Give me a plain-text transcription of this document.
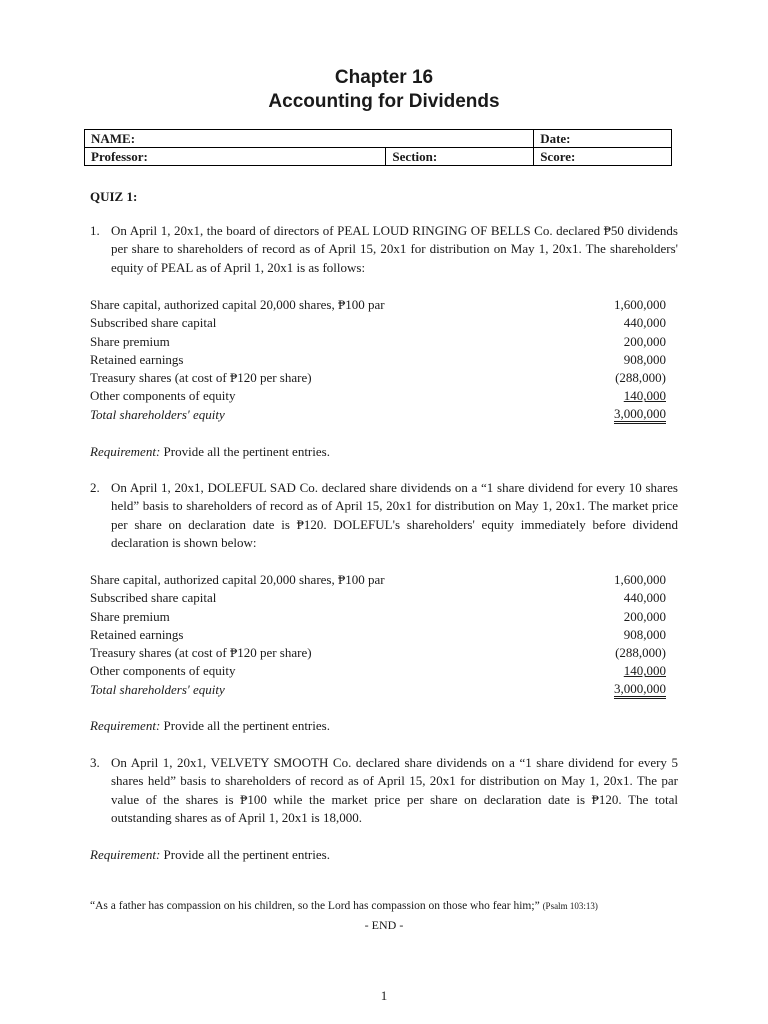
Chapter 16
Accounting for Dividends
NAME:		Date:
Professor:	Section:	Score:
QUIZ 1:
1. On April 1, 20x1, the board of directors of PEAL LOUD RINGING OF BELLS Co. declared ₱50 dividends per share to shareholders of record as of April 15, 20x1 for distribution on May 1, 20x1. The shareholders' equity of PEAL as of April 1, 20x1 is as follows:
Share capital, authorized capital 20,000 shares, ₱100 par	1,600,000
Subscribed share capital	440,000
Share premium	200,000
Retained earnings	908,000
Treasury shares (at cost of ₱120 per share)	(288,000)
Other components of equity	140,000
Total shareholders' equity	3,000,000
Requirement: Provide all the pertinent entries.
2. On April 1, 20x1, DOLEFUL SAD Co. declared share dividends on a “1 share dividend for every 10 shares held” basis to shareholders of record as of April 15, 20x1 for distribution on May 1, 20x1. The market price per share on declaration date is ₱120. DOLEFUL's shareholders' equity immediately before dividend declaration is shown below:
Share capital, authorized capital 20,000 shares, ₱100 par	1,600,000
Subscribed share capital	440,000
Share premium	200,000
Retained earnings	908,000
Treasury shares (at cost of ₱120 per share)	(288,000)
Other components of equity	140,000
Total shareholders' equity	3,000,000
Requirement: Provide all the pertinent entries.
3. On April 1, 20x1, VELVETY SMOOTH Co. declared share dividends on a “1 share dividend for every 5 shares held” basis to shareholders of record as of April 15, 20x1 for distribution on May 1, 20x1. The par value of the shares is ₱100 while the market price per share on declaration date is ₱120. The total outstanding shares as of April 1, 20x1 is 18,000.
Requirement: Provide all the pertinent entries.
“As a father has compassion on his children, so the Lord has compassion on those who fear him;” (Psalm 103:13)
- END -
1
